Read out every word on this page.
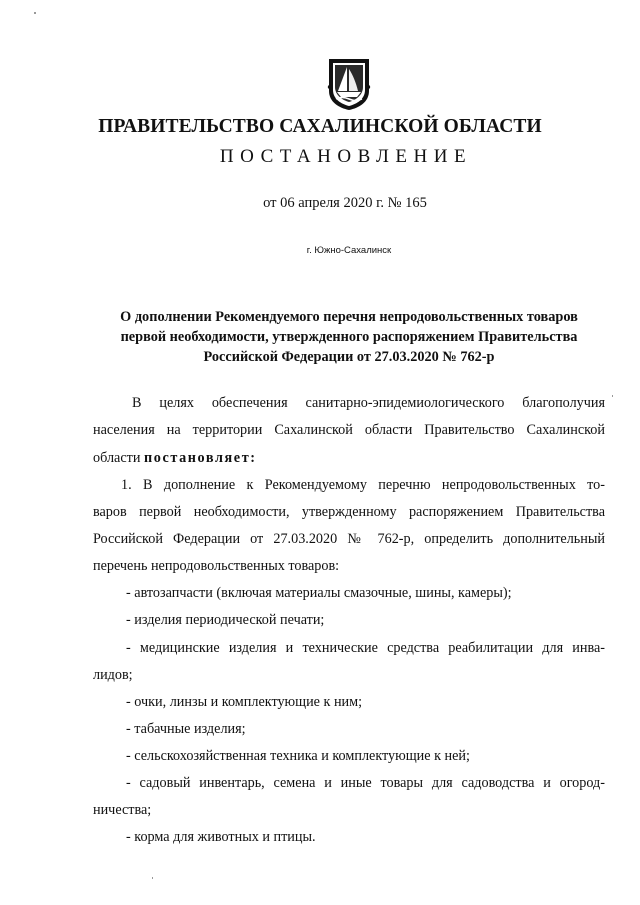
ПРАВИТЕЛЬСТВО САХАЛИНСКОЙ ОБЛАСТИ
ПОСТАНОВЛЕНИЕ
от 06 апреля 2020 г. № 165
г. Южно-Сахалинск
О дополнении Рекомендуемого перечня непродовольственных товаров
первой необходимости, утвержденного распоряжением Правительства
Российской Федерации от 27.03.2020 № 762-р
В целях обеспечения санитарно-эпидемиологического благополучия
населения на территории Сахалинской области Правительство Сахалинской
области постановляет:
1. В дополнение к Рекомендуемому перечню непродовольственных то-
варов первой необходимости, утвержденному распоряжением Правительства
Российской Федерации от 27.03.2020 № 762-р, определить дополнительный
перечень непродовольственных товаров:
- автозапчасти (включая материалы смазочные, шины, камеры);
- изделия периодической печати;
- медицинские изделия и технические средства реабилитации для инва-
лидов;
- очки, линзы и комплектующие к ним;
- табачные изделия;
- сельскохозяйственная техника и комплектующие к ней;
- садовый инвентарь, семена и иные товары для садоводства и огород-
ничества;
- корма для животных и птицы.
